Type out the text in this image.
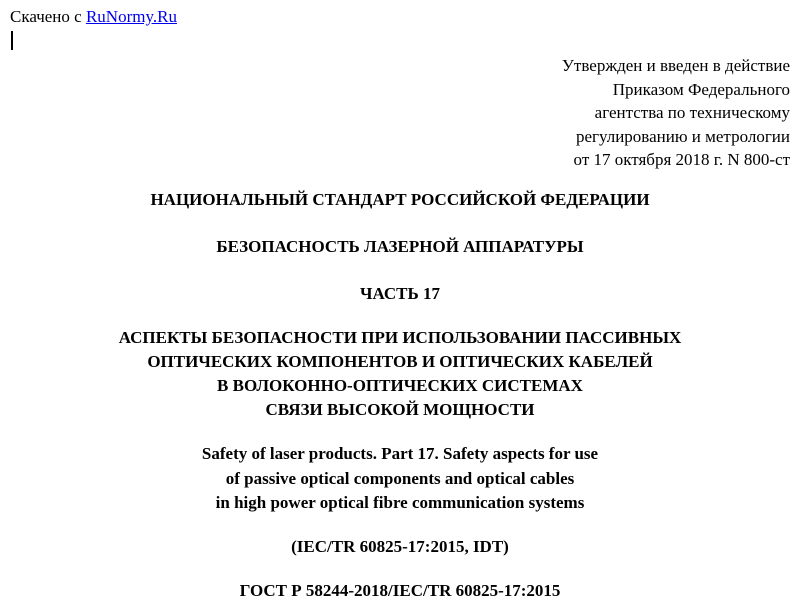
Скачено с RuNormy.Ru
Утвержден и введен в действие
Приказом Федерального
агентства по техническому
регулированию и метрологии
от 17 октября 2018 г. N 800-ст
НАЦИОНАЛЬНЫЙ СТАНДАРТ РОССИЙСКОЙ ФЕДЕРАЦИИ
БЕЗОПАСНОСТЬ ЛАЗЕРНОЙ АППАРАТУРЫ
ЧАСТЬ 17
АСПЕКТЫ БЕЗОПАСНОСТИ ПРИ ИСПОЛЬЗОВАНИИ ПАССИВНЫХ
ОПТИЧЕСКИХ КОМПОНЕНТОВ И ОПТИЧЕСКИХ КАБЕЛЕЙ
В ВОЛОКОННО-ОПТИЧЕСКИХ СИСТЕМАХ
СВЯЗИ ВЫСОКОЙ МОЩНОСТИ
Safety of laser products. Part 17. Safety aspects for use
of passive optical components and optical cables
in high power optical fibre communication systems
(IEC/TR 60825-17:2015, IDT)
ГОСТ Р 58244-2018/IEC/TR 60825-17:2015
